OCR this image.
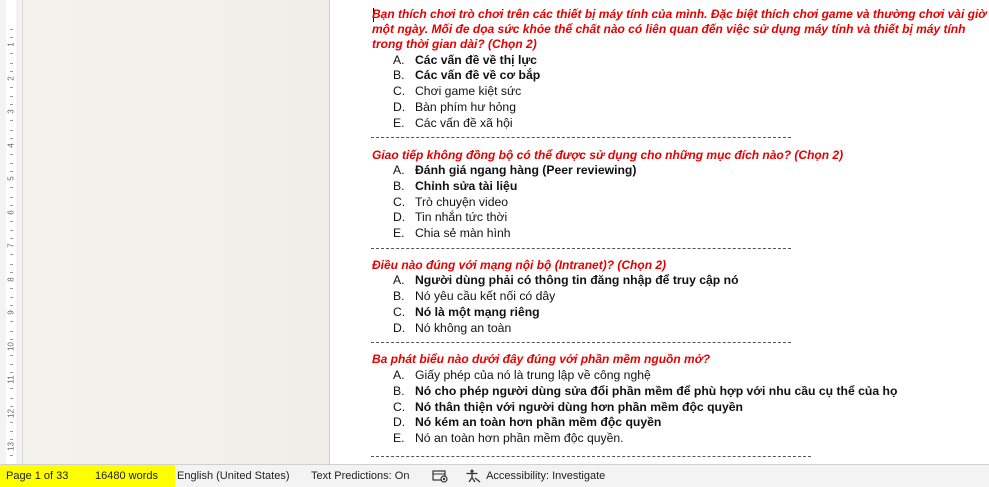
1
2
3
4
5
6
7
8
9
10
11
12
13
Bạn thích chơi trò chơi trên các thiết bị máy tính của mình. Đặc biệt thích chơi game và thường chơi vài giờ một ngày. Mối đe dọa sức khỏe thể chất nào có liên quan đến việc sử dụng máy tính và thiết bị máy tính trong thời gian dài? (Chọn 2)
A. Các vấn đề về thị lực
B. Các vấn đề về cơ bắp
C. Chơi game kiệt sức
D. Bàn phím hư hỏng
E. Các vấn đề xã hội
Giao tiếp không đồng bộ có thể được sử dụng cho những mục đích nào? (Chọn 2)
A. Đánh giá ngang hàng (Peer reviewing)
B. Chỉnh sửa tài liệu
C. Trò chuyện video
D. Tin nhắn tức thời
E. Chia sẻ màn hình
Điều nào đúng với mạng nội bộ (Intranet)? (Chọn 2)
A. Người dùng phải có thông tin đăng nhập để truy cập nó
B. Nó yêu cầu kết nối có dây
C. Nó là một mạng riêng
D. Nó không an toàn
Ba phát biểu nào dưới đây đúng với phần mềm nguồn mở?
A. Giấy phép của nó là trung lập về công nghệ
B. Nó cho phép người dùng sửa đổi phần mềm để phù hợp với nhu cầu cụ thể của họ
C. Nó thân thiện với người dùng hơn phần mềm độc quyền
D. Nó kém an toàn hơn phần mềm độc quyền
E. Nó an toàn hơn phần mềm độc quyền.
Page 1 of 33 16480 words English (United States) Text Predictions: On	Accessibility: Investigate
